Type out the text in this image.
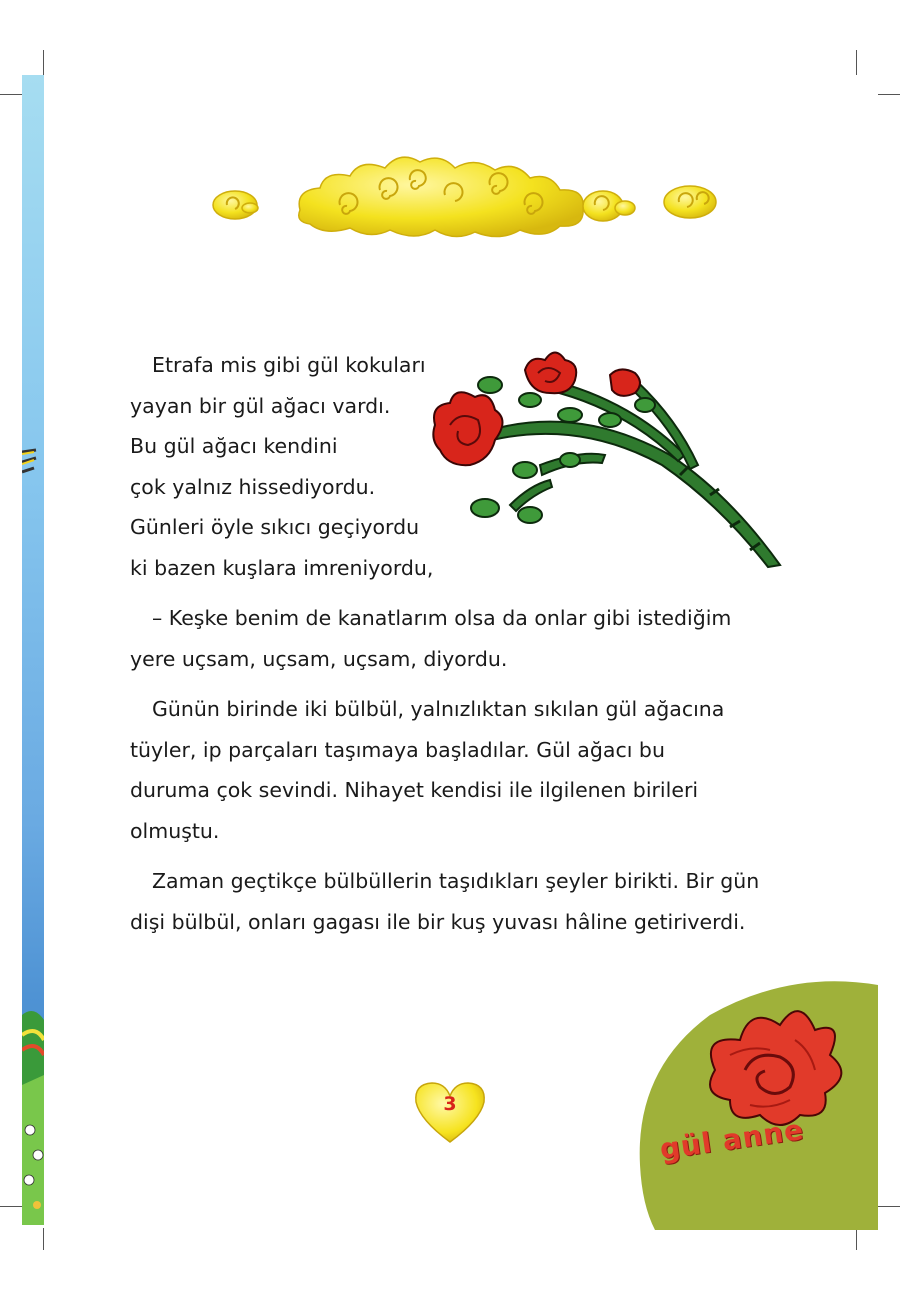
Etrafa mis gibi gül kokuları
yayan bir gül ağacı vardı.
Bu gül ağacı kendini
çok yalnız hissediyordu.
Günleri öyle sıkıcı geçiyordu
ki bazen kuşlara imreniyordu,
– Keşke benim de kanatlarım olsa da onlar gibi istediğim
yere uçsam, uçsam, uçsam, diyordu.
Günün birinde iki bülbül, yalnızlıktan sıkılan gül ağacına
tüyler, ip parçaları taşımaya başladılar. Gül ağacı bu
duruma çok sevindi. Nihayet kendisi ile ilgilenen birileri
olmuştu.
Zaman geçtikçe bülbüllerin taşıdıkları şeyler birikti. Bir gün
dişi bülbül, onları gagası ile bir kuş yuvası hâline getiriverdi.
gül anne
3
